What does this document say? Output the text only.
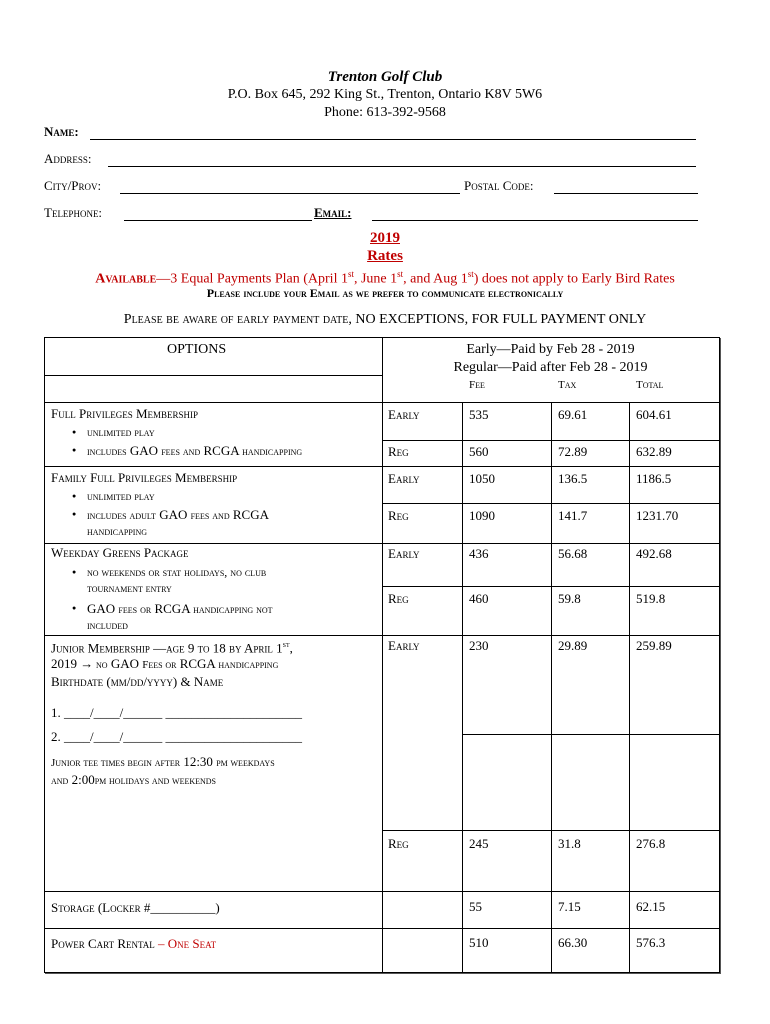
Trenton Golf Club
P.O. Box 645, 292 King St., Trenton, Ontario K8V 5W6
Phone: 613-392-9568
Name:
Address:
City/Prov:	Postal Code:
Telephone:	Email:
2019
Rates
Available—3 Equal Payments Plan (April 1st, June 1st, and Aug 1st) does not apply to Early Bird Rates
Please include your Email as we prefer to communicate electronically
Please be aware of early payment date, NO EXCEPTIONS, FOR FULL PAYMENT ONLY
OPTIONS	Early—Paid by Feb 28 - 2019
Regular—Paid after Feb 28 - 2019
Fee	Tax	Total
Full Privileges Membership
● unlimited play
● includes GAO fees and RCGA handicapping
Early	535	69.61	604.61
Reg	560	72.89	632.89
Family Full Privileges Membership
● unlimited play
● includes adult GAO fees and RCGA
handicapping
Early	1050	136.5	1186.5
Reg	1090	141.7	1231.70
Weekday Greens Package
● no weekends or stat holidays, no club
tournament entry
● GAO fees or RCGA handicapping not
included
Early	436	56.68	492.68
Reg	460	59.8	519.8
Junior Membership —age 9 to 18 by April 1st,
2019 → no GAO Fees or RCGA handicapping
Birthdate (mm/dd/yyyy) & Name
1. ____/____/______ _____________________
2. ____/____/______ _____________________
Junior tee times begin after 12:30 pm weekdays
and 2:00pm holidays and weekends
Early	230	29.89	259.89
Reg	245	31.8	276.8
Storage (Locker #__________)	55	7.15	62.15
Power Cart Rental – One Seat	510	66.30	576.3
